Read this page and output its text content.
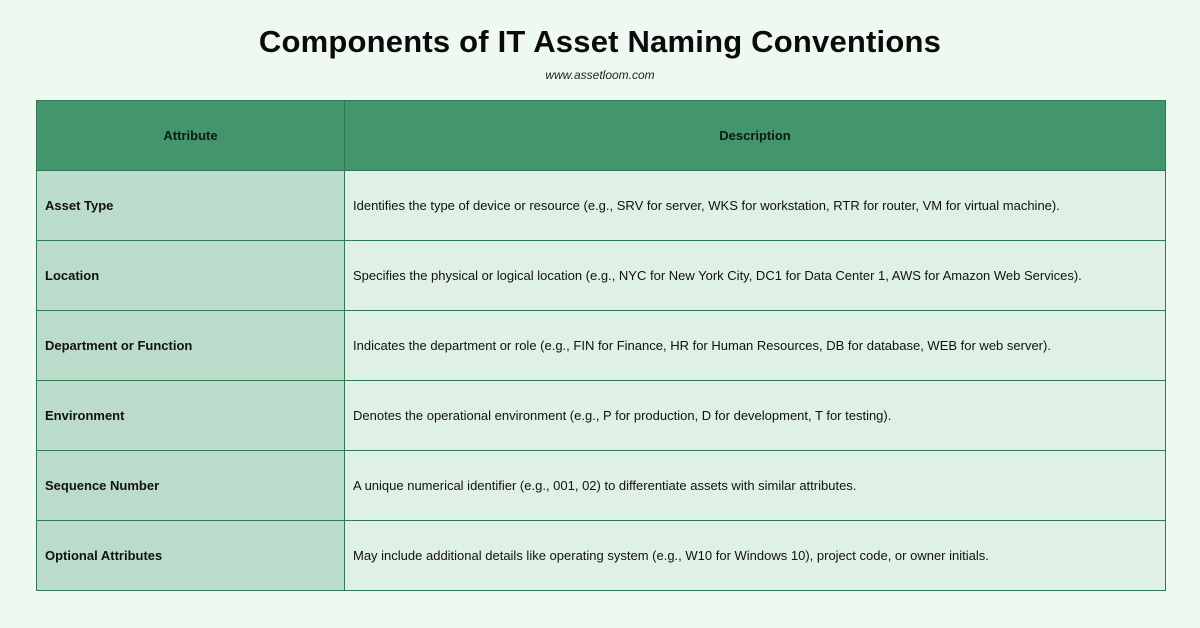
Components of IT Asset Naming Conventions
www.assetloom.com
Attribute	Description
Asset Type	Identifies the type of device or resource (e.g., SRV for server, WKS for workstation, RTR for router, VM for virtual machine).
Location	Specifies the physical or logical location (e.g., NYC for New York City, DC1 for Data Center 1, AWS for Amazon Web Services).
Department or Function	Indicates the department or role (e.g., FIN for Finance, HR for Human Resources, DB for database, WEB for web server).
Environment	Denotes the operational environment (e.g., P for production, D for development, T for testing).
Sequence Number	A unique numerical identifier (e.g., 001, 02) to differentiate assets with similar attributes.
Optional Attributes	May include additional details like operating system (e.g., W10 for Windows 10), project code, or owner initials.
